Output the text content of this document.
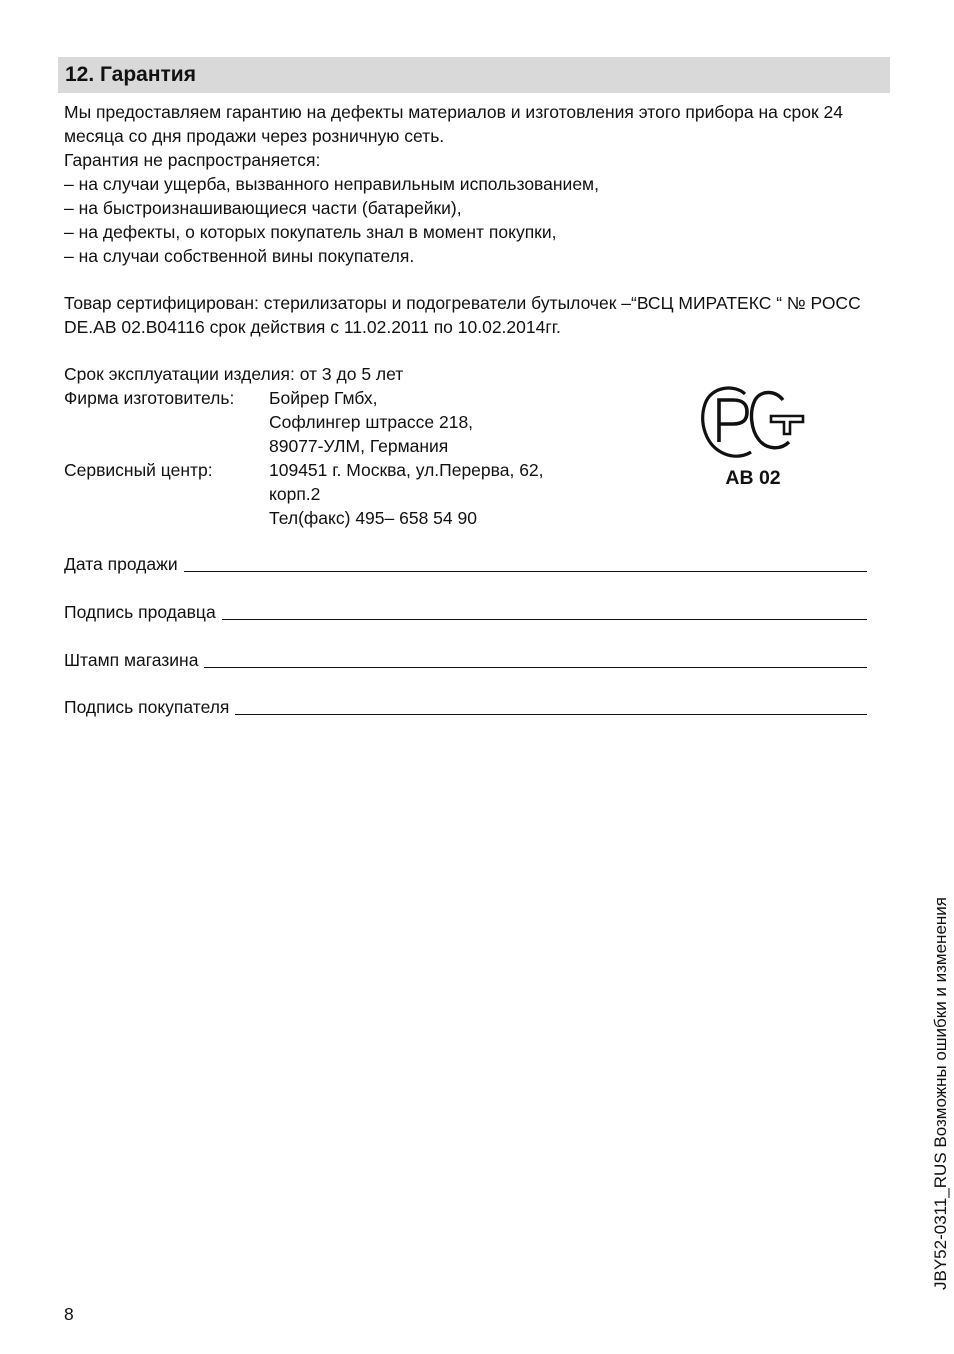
12. Гарантия
Мы предоставляем гарантию на дефекты материалов и изготовления этого прибора на срок 24 месяца со дня продажи через розничную сеть.
Гарантия не распространяется:
– на случаи ущерба, вызванного неправильным использованием,
– на быстроизнашивающиеся части (батарейки),
– на дефекты, о которых покупатель знал в момент покупки,
– на случаи собственной вины покупателя.
Товар сертифицирован: стерилизаторы и подогреватели бутылочек –“ВСЦ МИРАТЕКС “ № РОСС DE.AB 02.B04116 срок действия с 11.02.2011 по 10.02.2014гг.
Срок эксплуатации изделия: от 3 до 5 лет
Фирма изготовитель:	Бойрер Гмбх,
Софлингер штрассе 218,
89077-УЛМ, Германия
Сервисный центр:	109451 г. Москва, ул.Перерва, 62,
корп.2
Тел(факс) 495– 658 54 90
AB 02
Дата продажи
Подпись продавца
Штамп магазина
Подпись покупателя
8
JBY52-0311_RUS Возможны ошибки и изменения
